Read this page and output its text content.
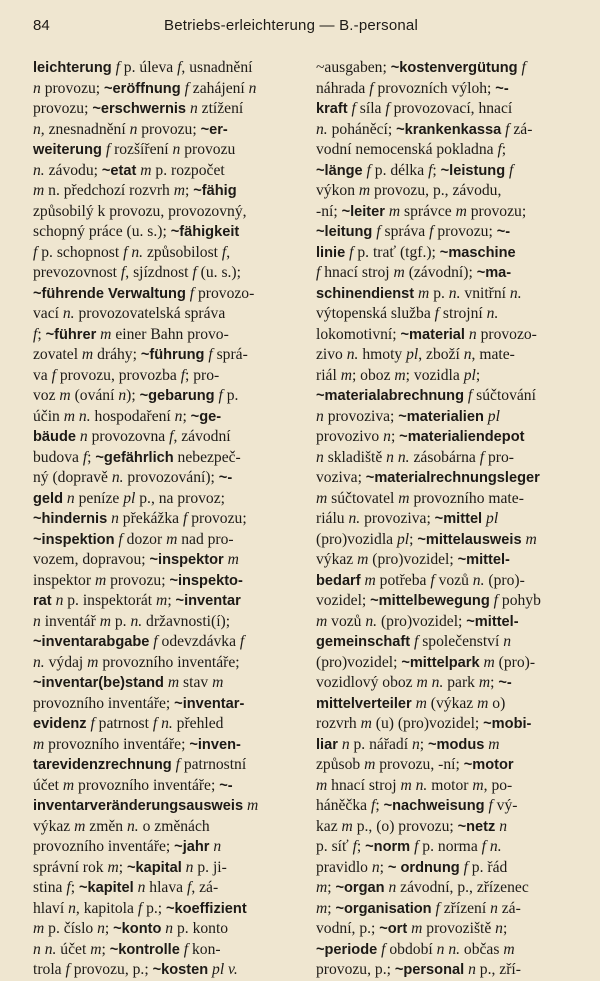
84	Betriebs-erleichterung — B.-personal
leichterung f p. úleva f, usnadnění
n provozu; ~eröffnung f zahájení n
provozu; ~erschwernis n ztížení
n, znesnadnění n provozu; ~er-
weiterung f rozšíření n provozu
n. závodu; ~etat m p. rozpočet
m n. předchozí rozvrh m; ~fähig
způsobilý k provozu, provozovný,
schopný práce (u. s.); ~fähigkeit
f p. schopnost f n. způsobilost f,
prevozovnost f, sjízdnost f (u. s.);
~führende Verwaltung f provozo-
vací n. provozovatelská správa
f; ~führer m einer Bahn provo-
zovatel m dráhy; ~führung f sprá-
va f provozu, provozba f; pro-
voz m (ování n); ~gebarung f p.
účin m n. hospodaření n; ~ge-
bäude n provozovna f, závodní
budova f; ~gefährlich nebezpeč-
ný (dopravě n. provozování); ~-
geld n peníze pl p., na provoz;
~hindernis n překážka f provozu;
~inspektion f dozor m nad pro-
vozem, dopravou; ~inspektor m
inspektor m provozu; ~inspekto-
rat n p. inspektorát m; ~inventar
n inventář m p. n. državnosti(í);
~inventarabgabe f odevzdávka f
n. výdaj m provozního inventáře;
~inventar(be)stand m stav m
provozního inventáře; ~inventar-
evidenz f patrnost f n. přehled
m provozního inventáře; ~inven-
tarevidenzrechnung f patrnostní
účet m provozního inventáře; ~-
inventarveränderungsausweis m
výkaz m změn n. o změnách
provozního inventáře; ~jahr n
správní rok m; ~kapital n p. ji-
stina f; ~kapitel n hlava f, zá-
hlaví n, kapitola f p.; ~koeffizient
m p. číslo n; ~konto n p. konto
n n. účet m; ~kontrolle f kon-
trola f provozu, p.; ~kosten pl v.
~ausgaben; ~kostenvergütung f
náhrada f provozních výloh; ~-
kraft f síla f provozovací, hnací
n. poháněcí; ~krankenkassa f zá-
vodní nemocenská pokladna f;
~länge f p. délka f; ~leistung f
výkon m provozu, p., závodu,
-ní; ~leiter m správce m provozu;
~leitung f správa f provozu; ~-
linie f p. trať (tgf.); ~maschine
f hnací stroj m (závodní); ~ma-
schinendienst m p. n. vnitřní n.
výtopenská služba f strojní n.
lokomotivní; ~material n provozo-
zivo n. hmoty pl, zboží n, mate-
riál m; oboz m; vozidla pl;
~materialabrechnung f súčtování
n provoziva; ~materialien pl
provozivo n; ~materialiendepot
n skladiště n n. zásobárna f pro-
voziva; ~materialrechnungsleger
m súčtovatel m provozního mate-
riálu n. provoziva; ~mittel pl
(pro)vozidla pl; ~mittelausweis m
výkaz m (pro)vozidel; ~mittel-
bedarf m potřeba f vozů n. (pro)-
vozidel; ~mittelbewegung f pohyb
m vozů n. (pro)vozidel; ~mittel-
gemeinschaft f společenství n
(pro)vozidel; ~mittelpark m (pro)-
vozidlový oboz m n. park m; ~-
mittelverteiler m (výkaz m o)
rozvrh m (u) (pro)vozidel; ~mobi-
liar n p. nářadí n; ~modus m
způsob m provozu, -ní; ~motor
m hnací stroj m n. motor m, po-
háněčka f; ~nachweisung f vý-
kaz m p., (o) provozu; ~netz n
p. síť f; ~norm f p. norma f n.
pravidlo n; ~ ordnung f p. řád
m; ~organ n závodní, p., zřízenec
m; ~organisation f zřízení n zá-
vodní, p.; ~ort m provoziště n;
~periode f období n n. občas m
provozu, p.; ~personal n p., zří-
